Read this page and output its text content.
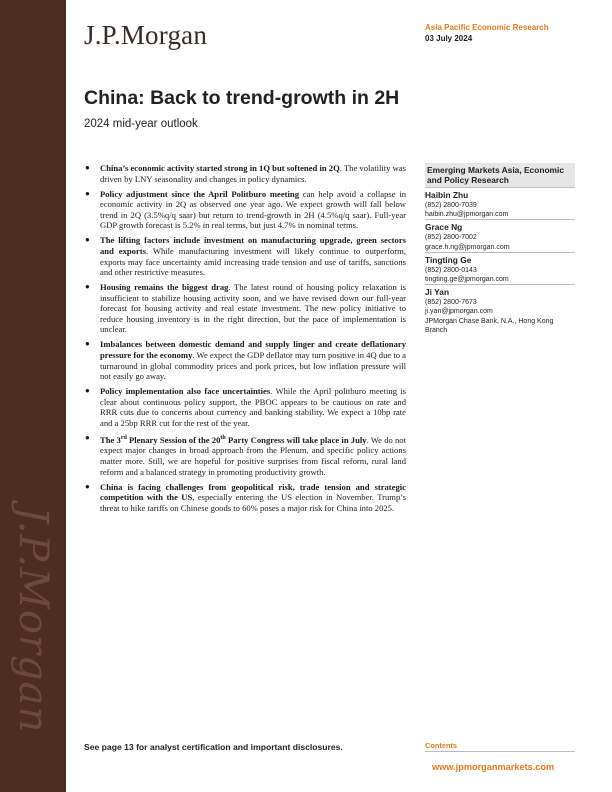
J.P.Morgan
J.P.Morgan	Asia Pacific Economic Research
03 July 2024
China: Back to trend-growth in 2H
2024 mid-year outlook
● China’s economic activity started strong in 1Q but softened in 2Q. The volatility was driven by LNY seasonality and changes in policy dynamics.
● Policy adjustment since the April Politburo meeting can help avoid a collapse in economic activity in 2Q as observed one year ago. We expect growth will fall below trend in 2Q (3.5%q/q saar) but return to trend-growth in 2H (4.5%q/q saar). Full-year GDP growth forecast is 5.2% in real terms, but just 4.7% in nominal terms.
● The lifting factors include investment on manufacturing upgrade, green sectors and exports. While manufacturing investment will likely continue to outperform, exports may face uncertainty amid increasing trade tension and use of tariffs, sanctions and other restrictive measures.
● Housing remains the biggest drag. The latest round of housing policy relaxation is insufficient to stabilize housing activity soon, and we have revised down our full-year forecast for housing activity and real estate investment. The new policy initiative to reduce housing inventory is in the right direction, but the pace of implementation is unclear.
● Imbalances between domestic demand and supply linger and create deflationary pressure for the economy. We expect the GDP deflator may turn positive in 4Q due to a turnaround in global commodity prices and pork prices, but low inflation pressure will not easily go away.
● Policy implementation also face uncertainties. While the April politburo meeting is clear about continuous policy support, the PBOC appears to be cautious on rate and RRR cuts due to concerns about currency and banking stability. We expect a 10bp rate and a 25bp RRR cut for the rest of the year.
● The 3rd Plenary Session of the 20th Party Congress will take place in July. We do not expect major changes in broad approach from the Plenum, and specific policy actions matter more. Still, we are hopeful for positive surprises from fiscal reform, rural land reform and a balanced strategy in promoting productivity growth.
● China is facing challenges from geopolitical risk, trade tension and strategic competition with the US, especially entering the US election in November. Trump’s threat to hike tariffs on Chinese goods to 60% poses a major risk for China into 2025.
Emerging Markets Asia, Economic and Policy Research
Haibin Zhu
(852) 2800-7039
haibin.zhu@jpmorgan.com
Grace Ng
(852) 2800-7002
grace.h.ng@jpmorgan.com
Tingting Ge
(852) 2800-0143
tingting.ge@jpmorgan.com
Ji Yan
(852) 2800-7673
ji.yan@jpmorgan.com
JPMorgan Chase Bank, N.A., Hong Kong Branch
See page 13 for analyst certification and important disclosures.	Contents
www.jpmorganmarkets.com
